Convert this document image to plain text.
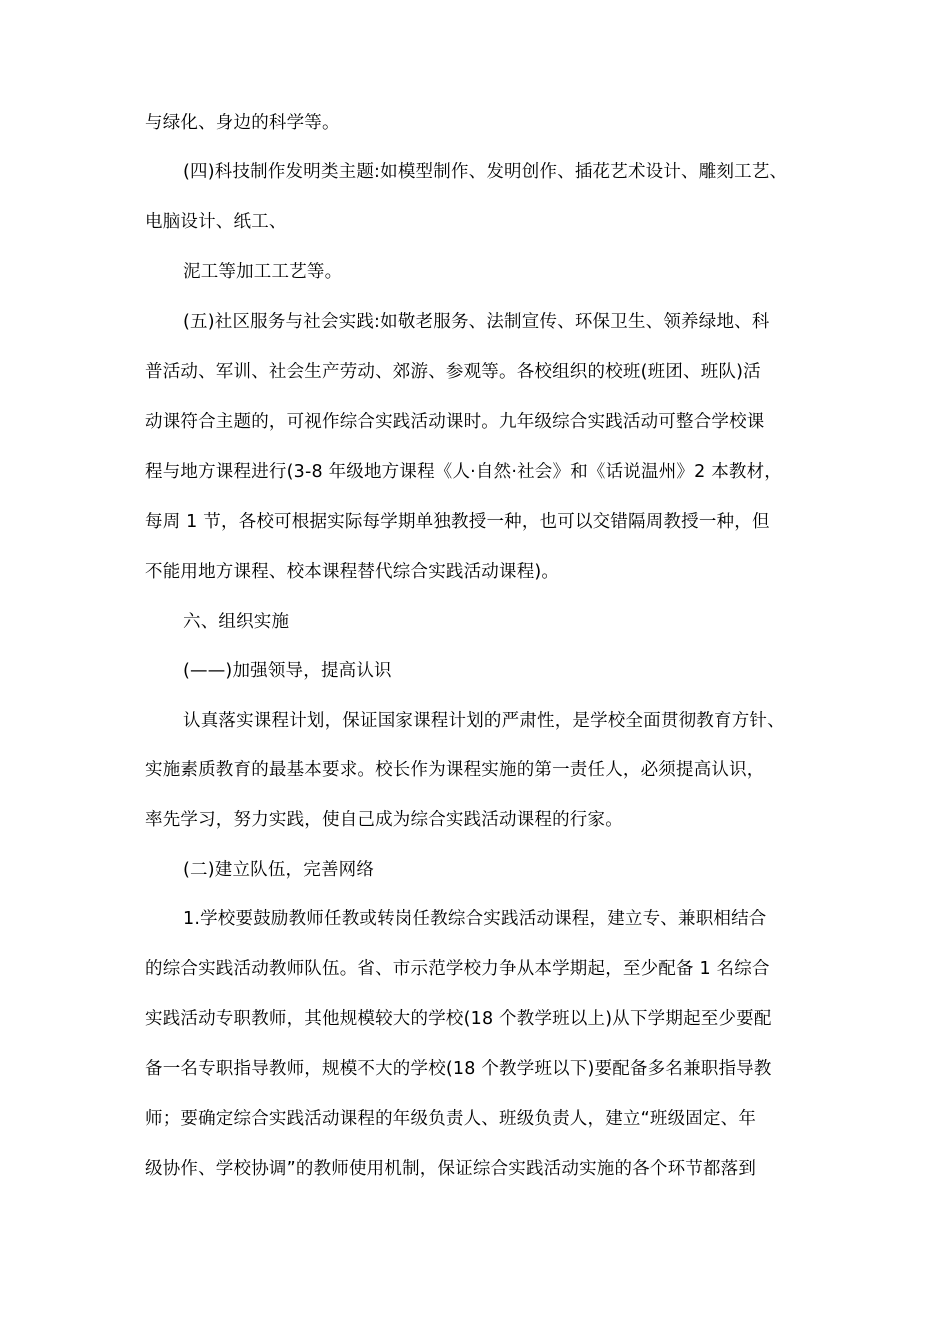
与绿化、身边的科学等。
(四)科技制作发明类主题:如模型制作、发明创作、插花艺术设计、雕刻工艺、
电脑设计、纸工、
泥工等加工工艺等。
(五)社区服务与社会实践:如敬老服务、法制宣传、环保卫生、领养绿地、科
普活动、军训、社会生产劳动、郊游、参观等。各校组织的校班(班团、班队)活
动课符合主题的，可视作综合实践活动课时。九年级综合实践活动可整合学校课
程与地方课程进行(3-8 年级地方课程《人·自然·社会》和《话说温州》2 本教材，
每周 1 节，各校可根据实际每学期单独教授一种，也可以交错隔周教授一种，但
不能用地方课程、校本课程替代综合实践活动课程)。
六、组织实施
(——)加强领导，提高认识
认真落实课程计划，保证国家课程计划的严肃性，是学校全面贯彻教育方针、
实施素质教育的最基本要求。校长作为课程实施的第一责任人，必须提高认识，
率先学习，努力实践，使自己成为综合实践活动课程的行家。
(二)建立队伍，完善网络
1.学校要鼓励教师任教或转岗任教综合实践活动课程，建立专、兼职相结合
的综合实践活动教师队伍。省、市示范学校力争从本学期起，至少配备 1 名综合
实践活动专职教师，其他规模较大的学校(18 个教学班以上)从下学期起至少要配
备一名专职指导教师，规模不大的学校(18 个教学班以下)要配备多名兼职指导教
师；要确定综合实践活动课程的年级负责人、班级负责人，建立“班级固定、年
级协作、学校协调”的教师使用机制，保证综合实践活动实施的各个环节都落到
